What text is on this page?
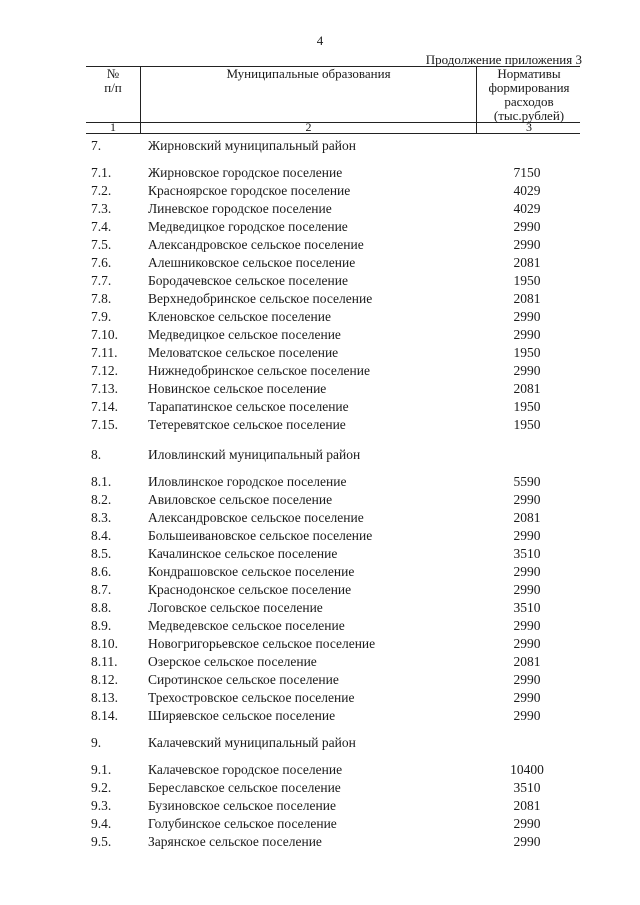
4
Продолжение приложения 3
№
п/п
Муниципальные образования	Нормативы
формирования
расходов
(тыс.рублей)
1	2	3
7.	Жирновский муниципальный район
7.1.	Жирновское городское поселение	7150
7.2.	Красноярское городское поселение	4029
7.3.	Линевское городское поселение	4029
7.4.	Медведицкое городское поселение	2990
7.5.	Александровское сельское поселение	2990
7.6.	Алешниковское сельское поселение	2081
7.7.	Бородачевское сельское поселение	1950
7.8.	Верхнедобринское сельское поселение	2081
7.9.	Кленовское сельское поселение	2990
7.10. Медведицкое сельское поселение	2990
7.11. Меловатское сельское поселение	1950
7.12. Нижнедобринское сельское поселение	2990
7.13. Новинское сельское поселение	2081
7.14. Тарапатинское сельское поселение	1950
7.15. Тетеревятское сельское поселение	1950
8.	Иловлинский муниципальный район
8.1.	Иловлинское городское поселение	5590
8.2.	Авиловское сельское поселение	2990
8.3.	Александровское сельское поселение	2081
8.4.	Большеивановское сельское поселение	2990
8.5.	Качалинское сельское поселение	3510
8.6.	Кондрашовское сельское поселение	2990
8.7.	Краснодонское сельское поселение	2990
8.8.	Логовское сельское поселение	3510
8.9.	Медведевское сельское поселение	2990
8.10. Новогригорьевское сельское поселение	2990
8.11. Озерское сельское поселение	2081
8.12. Сиротинское сельское поселение	2990
8.13. Трехостровское сельское поселение	2990
8.14. Ширяевское сельское поселение	2990
9.	Калачевский муниципальный район
9.1.	Калачевское городское поселение	10400
9.2.	Береславское сельское поселение	3510
9.3.	Бузиновское сельское поселение	2081
9.4.	Голубинское сельское поселение	2990
9.5.	Зарянское сельское поселение	2990
